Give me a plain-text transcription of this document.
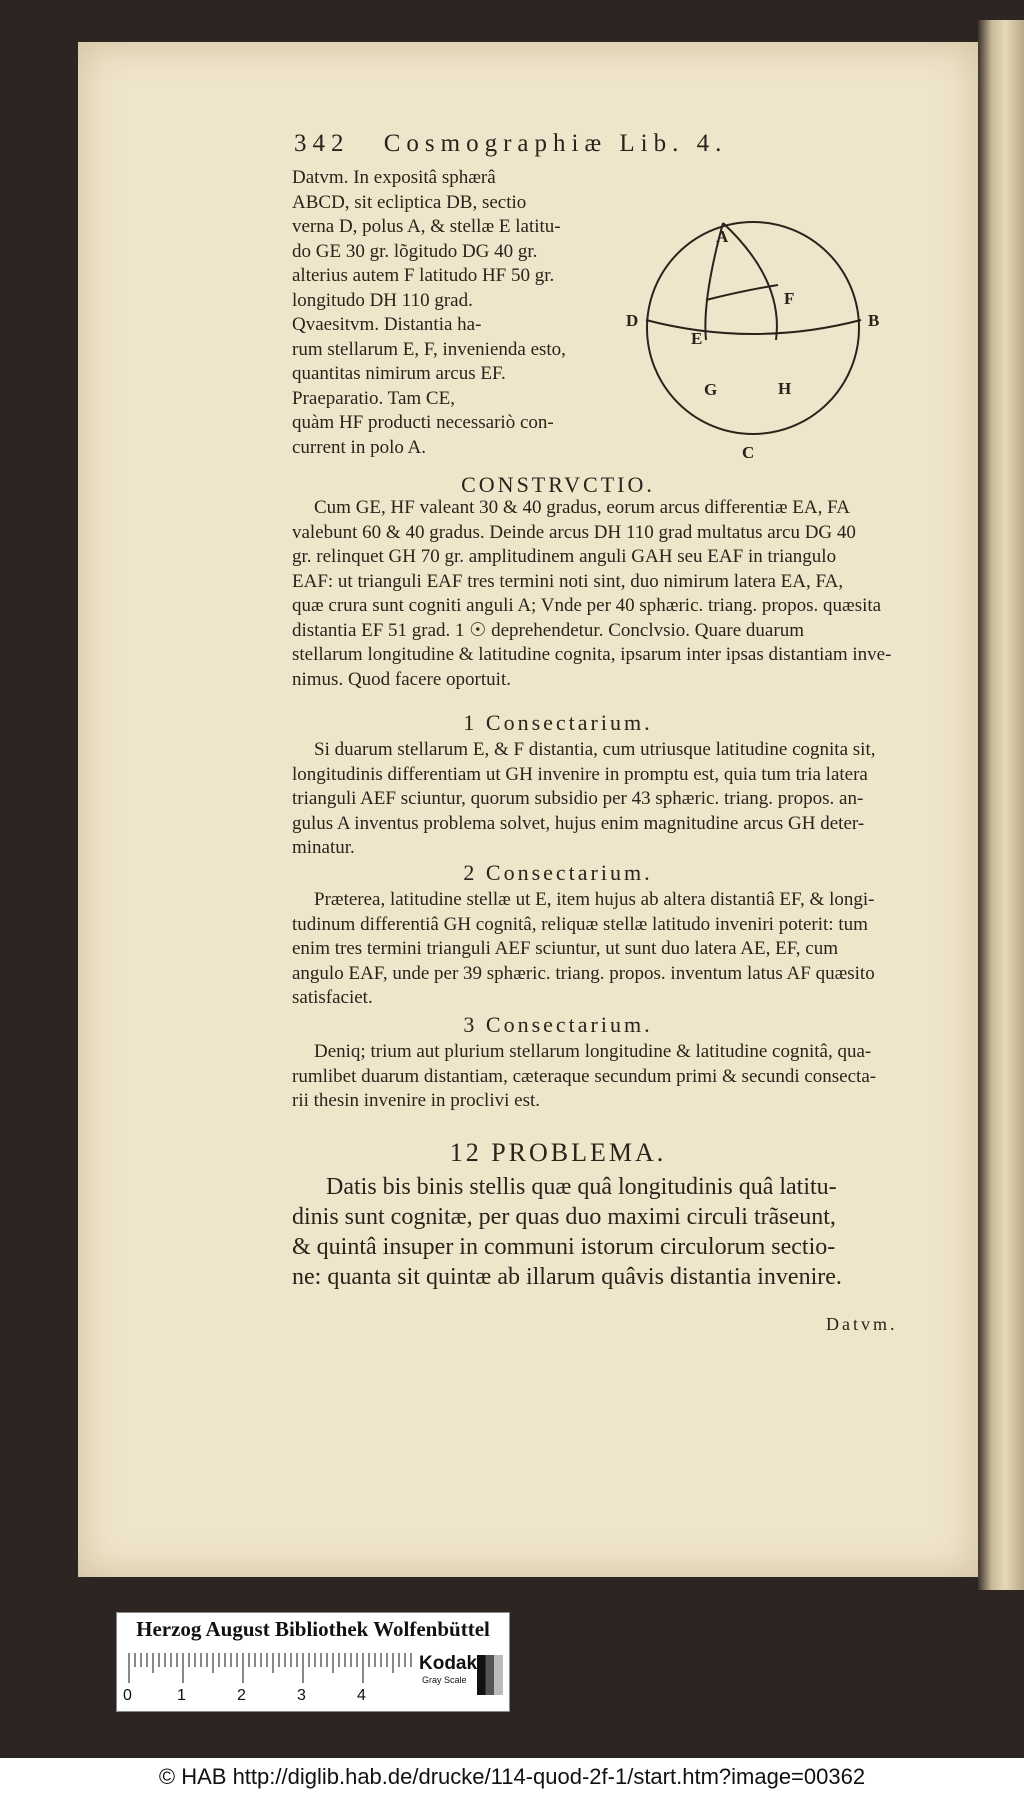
342 Cosmographiæ Lib. 4.
Datvm. In expositâ sphærâ
ABCD, sit ecliptica DB, sectio
verna D, polus A, & stellæ E latitu-
do GE 30 gr. lõgitudo DG 40 gr.
alterius autem F latitudo HF 50 gr.
longitudo DH 110 grad.
Qvaesitvm. Distantia ha-
rum stellarum E, F, invenienda esto,
quantitas nimirum arcus EF.
Praeparatio. Tam CE,
quàm HF producti necessariò con-
current in polo A.
A
B
C
D
E
F
G	H
CONSTRVCTIO.
Cum GE, HF valeant 30 & 40 gradus, eorum arcus differentiæ EA, FA
valebunt 60 & 40 gradus. Deinde arcus DH 110 grad multatus arcu DG 40
gr. relinquet GH 70 gr. amplitudinem anguli GAH seu EAF in triangulo
EAF: ut trianguli EAF tres termini noti sint, duo nimirum latera EA, FA,
quæ crura sunt cogniti anguli A; Vnde per 40 sphæric. triang. propos. quæsita
distantia EF 51 grad. 1 ☉ deprehendetur. Conclvsio. Quare duarum
stellarum longitudine & latitudine cognita, ipsarum inter ipsas distantiam inve-
nimus. Quod facere oportuit.
1 Consectarium.
Si duarum stellarum E, & F distantia, cum utriusque latitudine cognita sit,
longitudinis differentiam ut GH invenire in promptu est, quia tum tria latera
trianguli AEF sciuntur, quorum subsidio per 43 sphæric. triang. propos. an-
gulus A inventus problema solvet, hujus enim magnitudine arcus GH deter-
minatur.
2 Consectarium.
Præterea, latitudine stellæ ut E, item hujus ab altera distantiâ EF, & longi-
tudinum differentiâ GH cognitâ, reliquæ stellæ latitudo inveniri poterit: tum
enim tres termini trianguli AEF sciuntur, ut sunt duo latera AE, EF, cum
angulo EAF, unde per 39 sphæric. triang. propos. inventum latus AF quæsito
satisfaciet.
3 Consectarium.
Deniq; trium aut plurium stellarum longitudine & latitudine cognitâ, qua-
rumlibet duarum distantiam, cæteraque secundum primi & secundi consecta-
rii thesin invenire in proclivi est.
12 PROBLEMA.
Datis bis binis stellis quæ quâ longitudinis quâ latitu-
dinis sunt cognitæ, per quas duo maximi circuli trãseunt,
& quintâ insuper in communi istorum circulorum sectio-
ne: quanta sit quintæ ab illarum quâvis distantia invenire.
Datvm.
Herzog August Bibliothek Wolfenbüttel
Kodak
Gray Scale
0	1	2	3	4
© HAB http://diglib.hab.de/drucke/114-quod-2f-1/start.htm?image=00362
